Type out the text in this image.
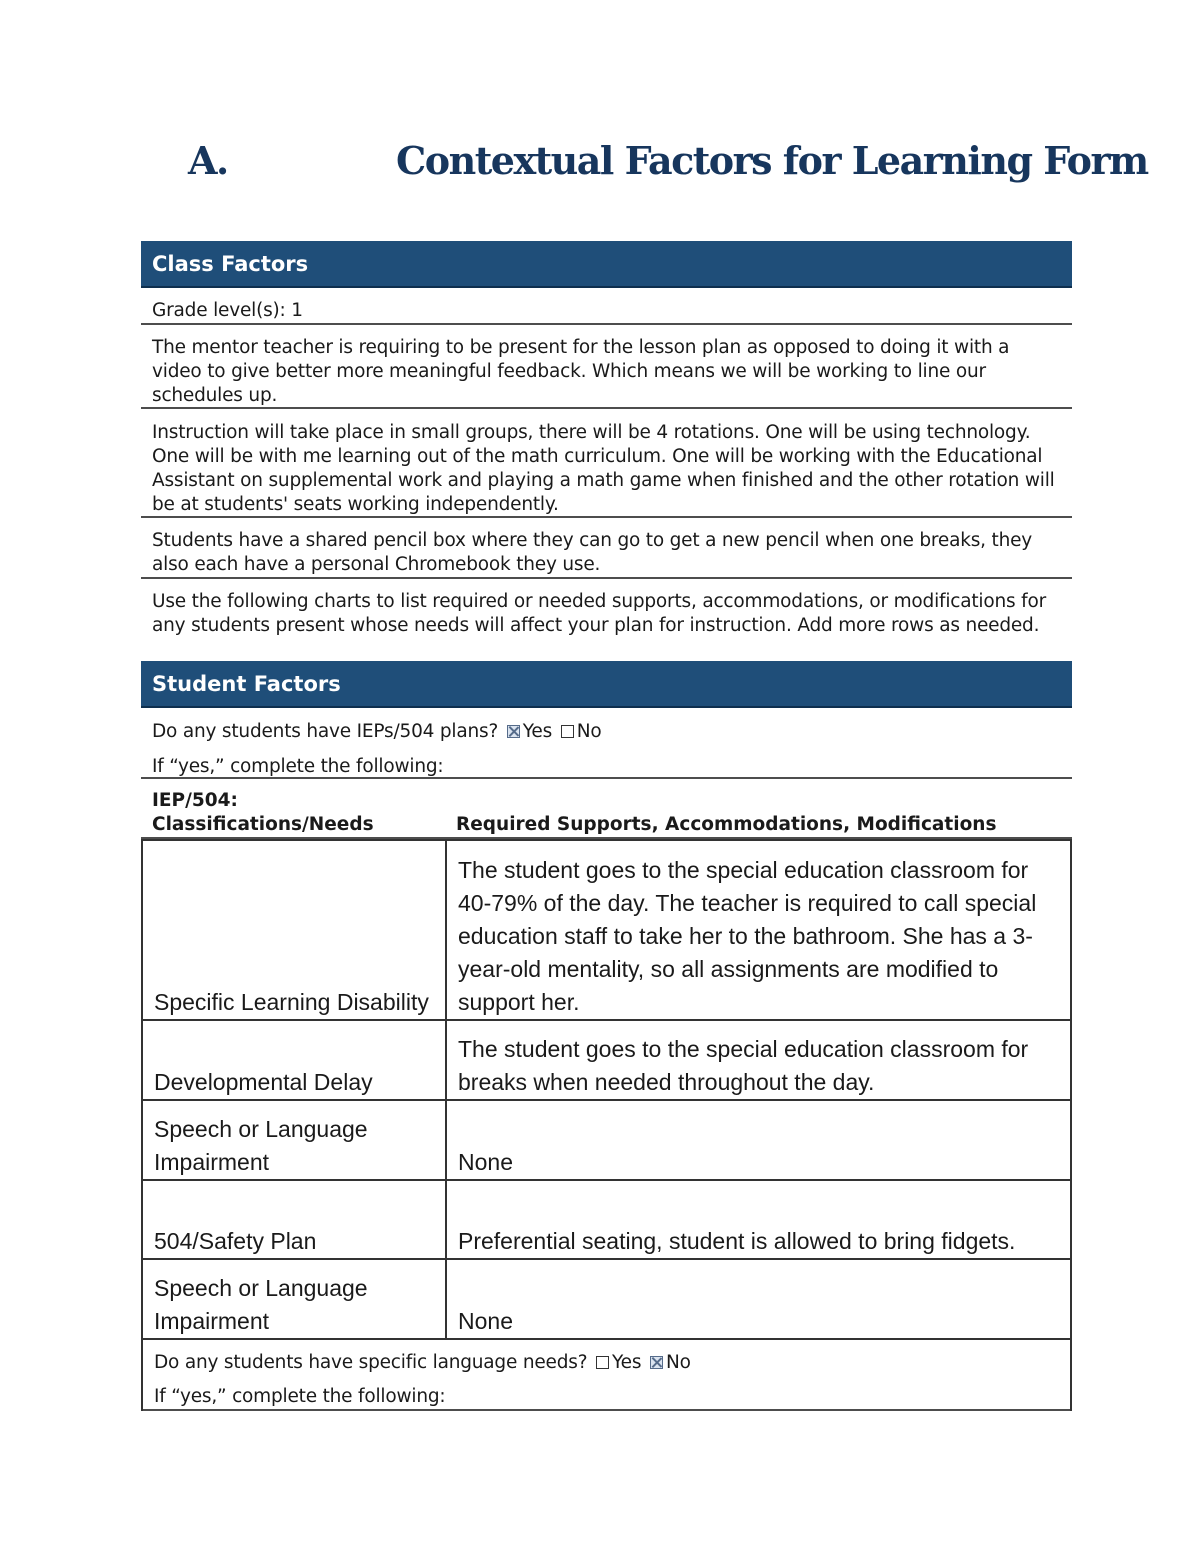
A.	Contextual Factors for Learning Form
Class Factors
Grade level(s): 1
The mentor teacher is requiring to be present for the lesson plan as opposed to doing it with a video to give better more meaningful feedback. Which means we will be working to line our schedules up.
Instruction will take place in small groups, there will be 4 rotations. One will be using technology. One will be with me learning out of the math curriculum. One will be working with the Educational Assistant on supplemental work and playing a math game when finished and the other rotation will be at students' seats working independently.
Students have a shared pencil box where they can go to get a new pencil when one breaks, they also each have a personal Chromebook they use.
Use the following charts to list required or needed supports, accommodations, or modifications for any students present whose needs will affect your plan for instruction. Add more rows as needed.
Student Factors
Do any students have IEPs/504 plans? Yes No
If “yes,” complete the following:
IEP/504:
Classifications/Needs	Required Supports, Accommodations, Modifications
Specific Learning Disability	The student goes to the special education classroom for 40-79% of the day. The teacher is required to call special education staff to take her to the bathroom. She has a 3-year-old mentality, so all assignments are modified to support her.
Developmental Delay	The student goes to the special education classroom for breaks when needed throughout the day.
Speech or Language Impairment	None
504/Safety Plan	Preferential seating, student is allowed to bring fidgets.
Speech or Language Impairment	None
Do any students have specific language needs? Yes No
If “yes,” complete the following:
